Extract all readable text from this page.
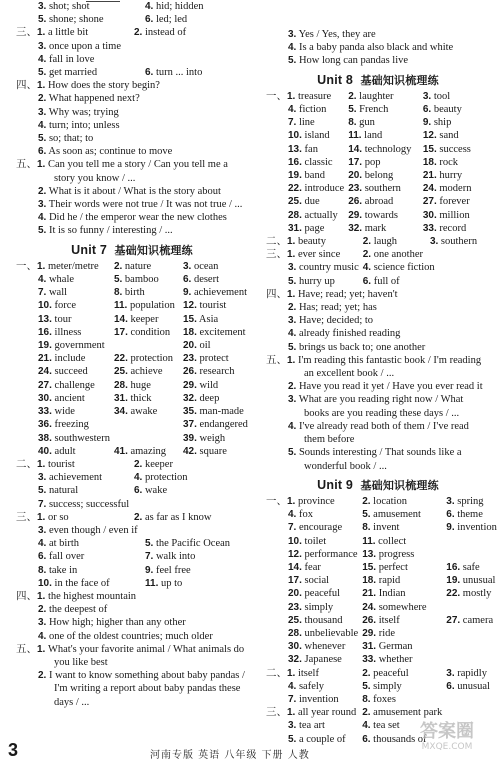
3. shot; shot	4. hid; hidden
5. shone; shone	6. led; led
三、1. a little bit	2. instead of
3. once upon a time
4. fall in love
5. get married	6. turn ... into
四、1. How does the story begin?
2. What happened next?
3. Why was; trying
4. turn; into; unless
5. so; that; to
6. As soon as; continue to move
五、1. Can you tell me a story / Can you tell me a story you know / ...
2. What is it about / What is the story about
3. Their words were not true / It was not true / ...
4. Did he / the emperor wear the new clothes
5. It is so funny / interesting / ...
Unit 7 基础知识梳理练
一、1. meter/metre	2. nature	3. ocean
4. whale	5. bamboo	6. desert
7. wall	8. birth	9. achievement
10. force	11. population 12. tourist
13. tour	14. keeper	15. Asia
16. illness	17. condition	18. excitement
19. government	20. oil
21. include	22. protection 23. protect
24. succeed	25. achieve	26. research
27. challenge	28. huge	29. wild
30. ancient	31. thick	32. deep
33. wide	34. awake	35. man-made
36. freezing	37. endangered
38. southwestern	39. weigh
40. adult	41. amazing	42. square
二、1. tourist	2. keeper
3. achievement	4. protection
5. natural	6. wake
7. success; successful
三、1. or so	2. as far as I know
3. even though / even if
4. at birth	5. the Pacific Ocean
6. fall over	7. walk into
8. take in	9. feel free
10. in the face of	11. up to
四、1. the highest mountain
2. the deepest of
3. How high; higher than any other
4. one of the oldest countries; much older
五、1. What's your favorite animal / What animals do you like best
2. I want to know something about baby pandas / I'm writing a report about baby pandas these days / ...
3. Yes / Yes, they are
4. Is a baby panda also black and white
5. How long can pandas live
Unit 8 基础知识梳理练
一、1. treasure	2. laughter	3. tool
4. fiction	5. French	6. beauty
7. line	8. gun	9. ship
10. island	11. land	12. sand
13. fan	14. technology	15. success
16. classic	17. pop	18. rock
19. band	20. belong	21. hurry
22. introduce 23. southern	24. modern
25. due	26. abroad	27. forever
28. actually	29. towards	30. million
31. page	32. mark	33. record
二、1. beauty	2. laugh	3. southern
三、1. ever since	2. one another
3. country music 4. science fiction
5. hurry up	6. full of
四、1. Have; read; yet; haven't
2. Has; read; yet; has
3. Have; decided; to
4. already finished reading
5. brings us back to; one another
五、1. I'm reading this fantastic book / I'm reading an excellent book / ...
2. Have you read it yet / Have you ever read it
3. What are you reading right now / What books are you reading these days / ...
4. I've already read both of them / I've read them before
5. Sounds interesting / That sounds like a wonderful book / ...
Unit 9 基础知识梳理练
一、1. province	2. location	3. spring
4. fox	5. amusement	6. theme
7. encourage	8. invent	9. invention
10. toilet	11. collect
12. performance 13. progress
14. fear	15. perfect	16. safe
17. social	18. rapid	19. unusual
20. peaceful	21. Indian	22. mostly
23. simply	24. somewhere
25. thousand	26. itself	27. camera
28. unbelievable 29. ride
30. whenever	31. German
32. Japanese	33. whether
二、1. itself	2. peaceful	3. rapidly
4. safely	5. simply	6. unusual
7. invention	8. foxes
三、1. all year round 2. amusement park
3. tea art	4. tea set
5. a couple of	6. thousands of
答案圈
MXQE.COM
3	河南专版 英语 八年级 下册 人教
